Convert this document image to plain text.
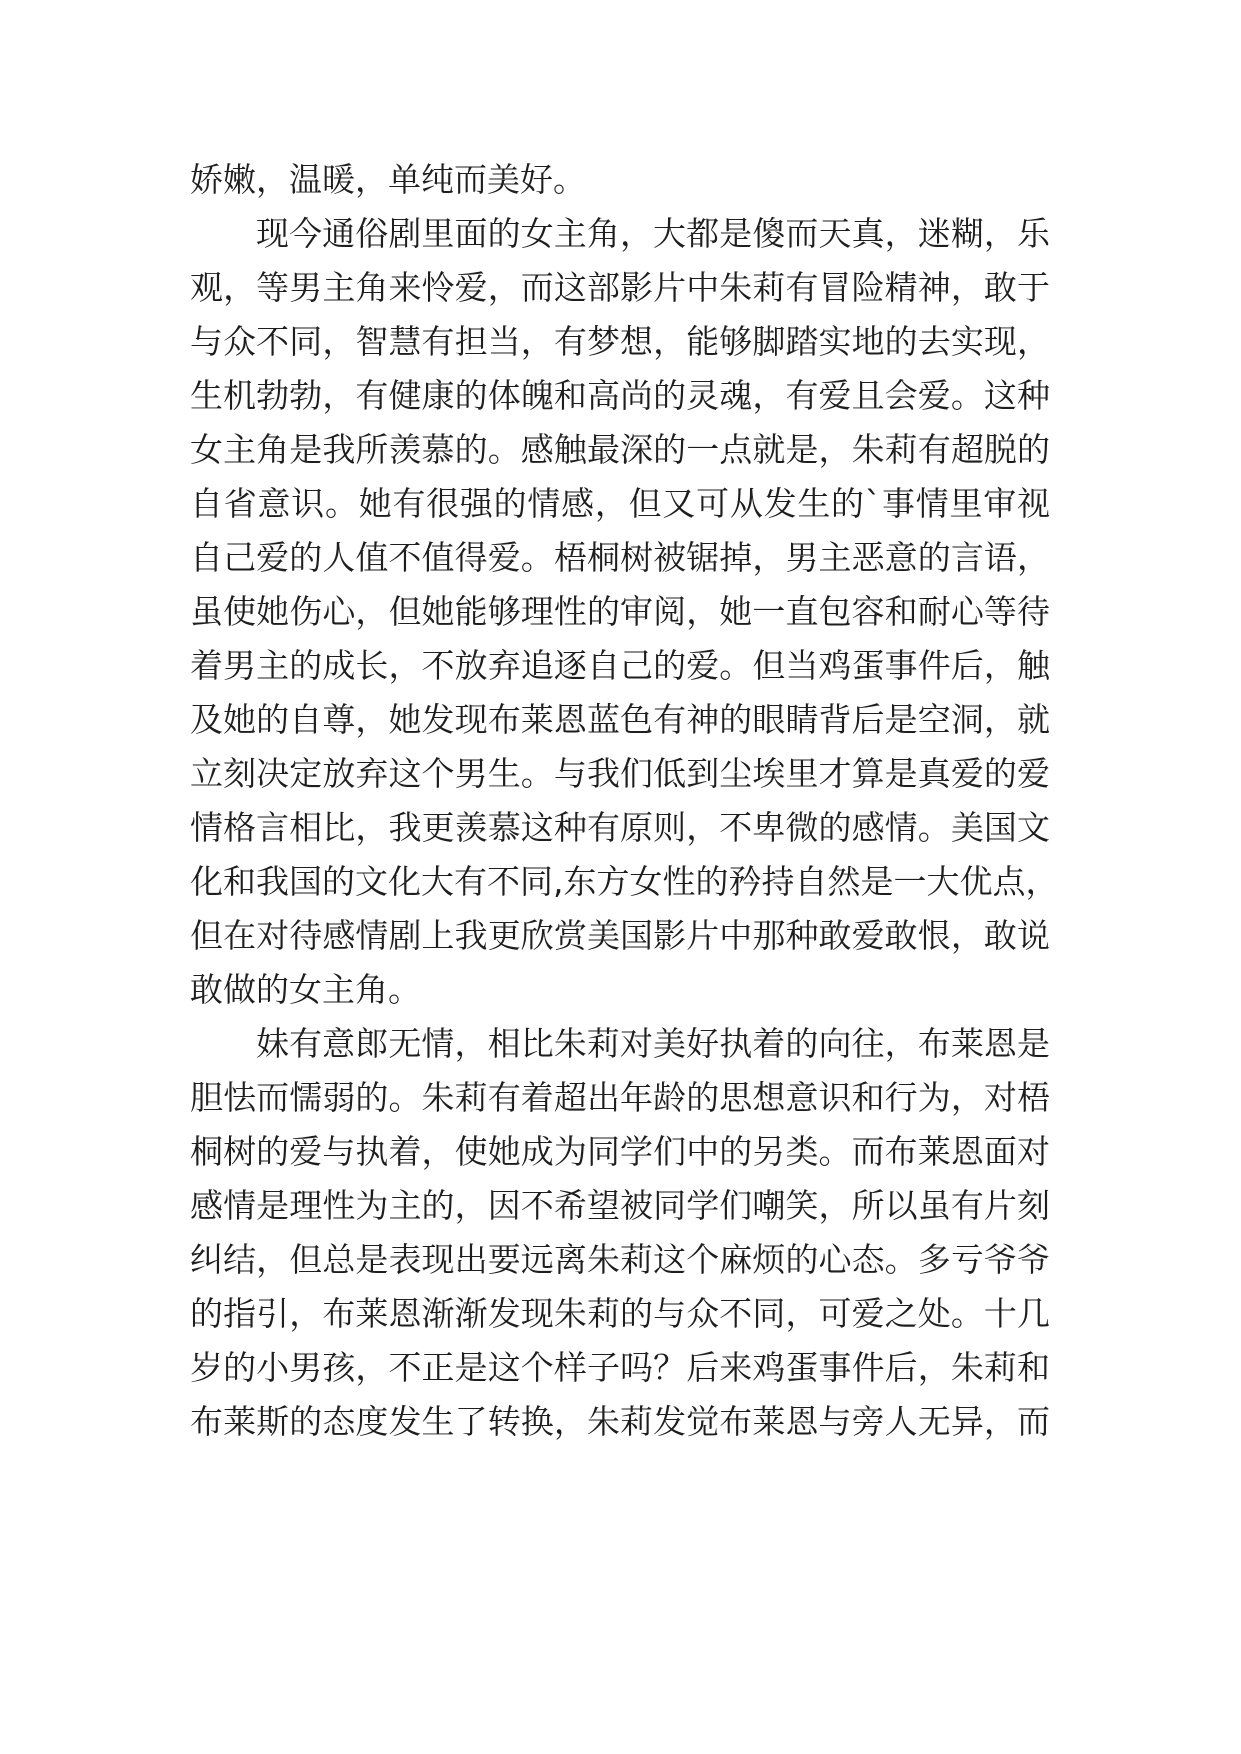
娇嫩，温暖，单纯而美好。
现今通俗剧里面的女主角，大都是傻而天真，迷糊，乐
观，等男主角来怜爱，而这部影片中朱莉有冒险精神，敢于
与众不同，智慧有担当，有梦想，能够脚踏实地的去实现，
生机勃勃，有健康的体魄和高尚的灵魂，有爱且会爱。这种
女主角是我所羡慕的。感触最深的一点就是，朱莉有超脱的
自省意识。她有很强的情感，但又可从发生的`事情里审视
自己爱的人值不值得爱。梧桐树被锯掉，男主恶意的言语，
虽使她伤心，但她能够理性的审阅，她一直包容和耐心等待
着男主的成长，不放弃追逐自己的爱。但当鸡蛋事件后，触
及她的自尊，她发现布莱恩蓝色有神的眼睛背后是空洞，就
立刻决定放弃这个男生。与我们低到尘埃里才算是真爱的爱
情格言相比，我更羡慕这种有原则，不卑微的感情。美国文
化和我国的文化大有不同,东方女性的矜持自然是一大优点，
但在对待感情剧上我更欣赏美国影片中那种敢爱敢恨，敢说
敢做的女主角。
妹有意郎无情，相比朱莉对美好执着的向往，布莱恩是
胆怯而懦弱的。朱莉有着超出年龄的思想意识和行为，对梧
桐树的爱与执着，使她成为同学们中的另类。而布莱恩面对
感情是理性为主的，因不希望被同学们嘲笑，所以虽有片刻
纠结，但总是表现出要远离朱莉这个麻烦的心态。多亏爷爷
的指引，布莱恩渐渐发现朱莉的与众不同，可爱之处。十几
岁的小男孩，不正是这个样子吗？后来鸡蛋事件后，朱莉和
布莱斯的态度发生了转换，朱莉发觉布莱恩与旁人无异，而
